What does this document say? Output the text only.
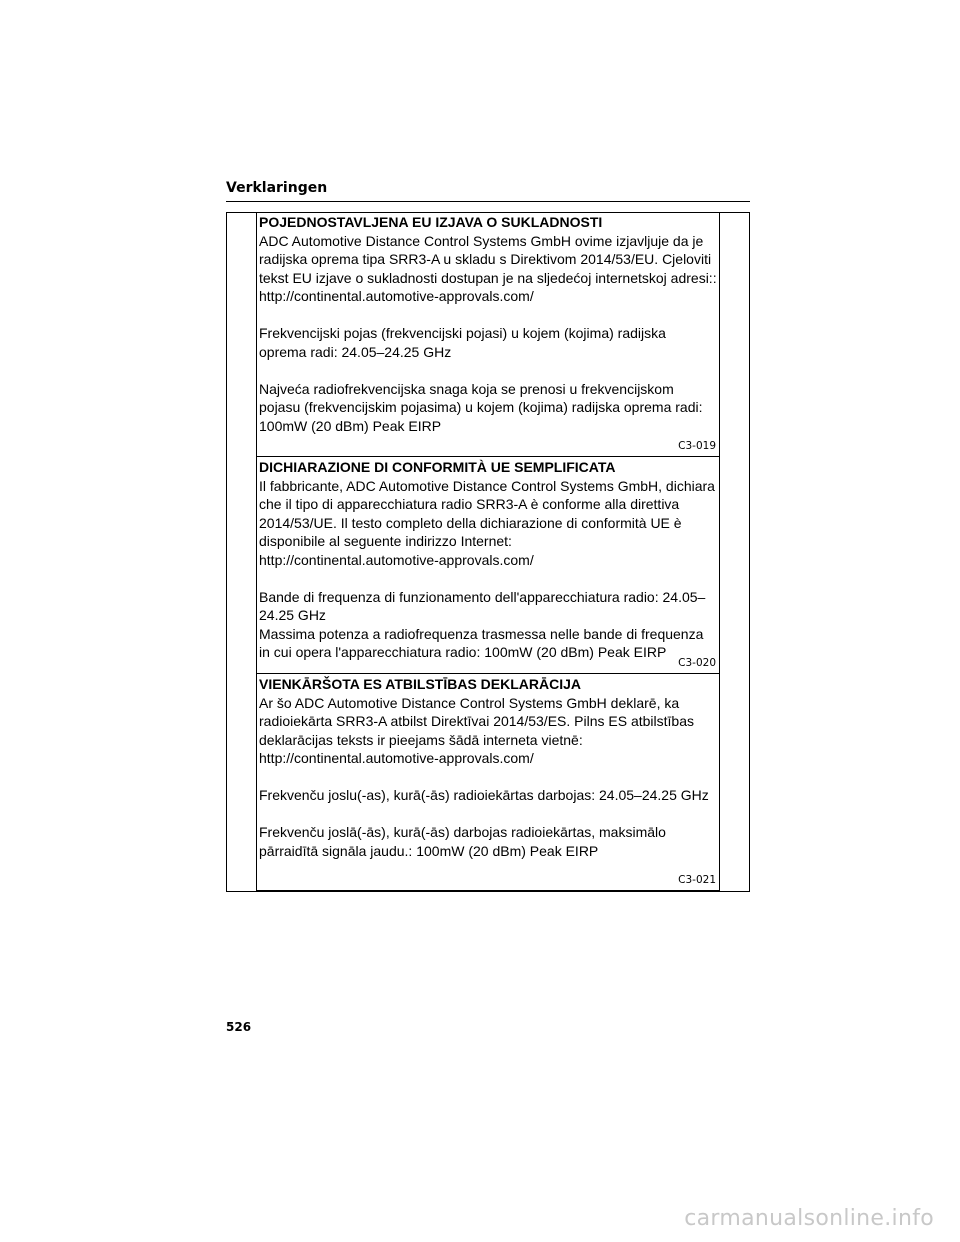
Verklaringen
POJEDNOSTAVLJENA EU IZJAVA O SUKLADNOSTI

ADC Automotive Distance Control Systems GmbH ovime izjavljuje da je radijska oprema tipa SRR3-A u skladu s Direktivom 2014/53/EU. Cjeloviti tekst EU izjave o sukladnosti dostupan je na sljedećoj internetskoj adresi::

http://continental.automotive-approvals.com/

Frekvencijski pojas (frekvencijski pojasi) u kojem (kojima) radijska oprema radi: 24.05–24.25 GHz

Najveća radiofrekvencijska snaga koja se prenosi u frekvencijskom pojasu (frekvencijskim pojasima) u kojem (kojima) radijska oprema radi: 100mW (20 dBm) Peak EIRP

C3-019
DICHIARAZIONE DI CONFORMITÀ UE SEMPLIFICATA

Il fabbricante, ADC Automotive Distance Control Systems GmbH, dichiara che il tipo di apparecchiatura radio SRR3-A è conforme alla direttiva 2014/53/UE. Il testo completo della dichiarazione di conformità UE è disponibile al seguente indirizzo Internet:

http://continental.automotive-approvals.com/

Bande di frequenza di funzionamento dell'apparecchiatura radio: 24.05–24.25 GHz

Massima potenza a radiofrequenza trasmessa nelle bande di frequenza in cui opera l'apparecchiatura radio: 100mW (20 dBm) Peak EIRP

C3-020
VIENKĀRŠOTA ES ATBILSTĪBAS DEKLARĀCIJA

Ar šo ADC Automotive Distance Control Systems GmbH deklarē, ka radioiekārta SRR3-A atbilst Direktīvai 2014/53/ES. Pilns ES atbilstības deklarācijas teksts ir pieejams šādā interneta vietnē:

http://continental.automotive-approvals.com/

Frekvenču joslu(-as), kurā(-ās) radioiekārtas darbojas: 24.05–24.25 GHz

Frekvenču joslā(-ās), kurā(-ās) darbojas radioiekārtas, maksimālo pārraidītā signāla jaudu.: 100mW (20 dBm) Peak EIRP

C3-021
526
carmanualsonline.info
